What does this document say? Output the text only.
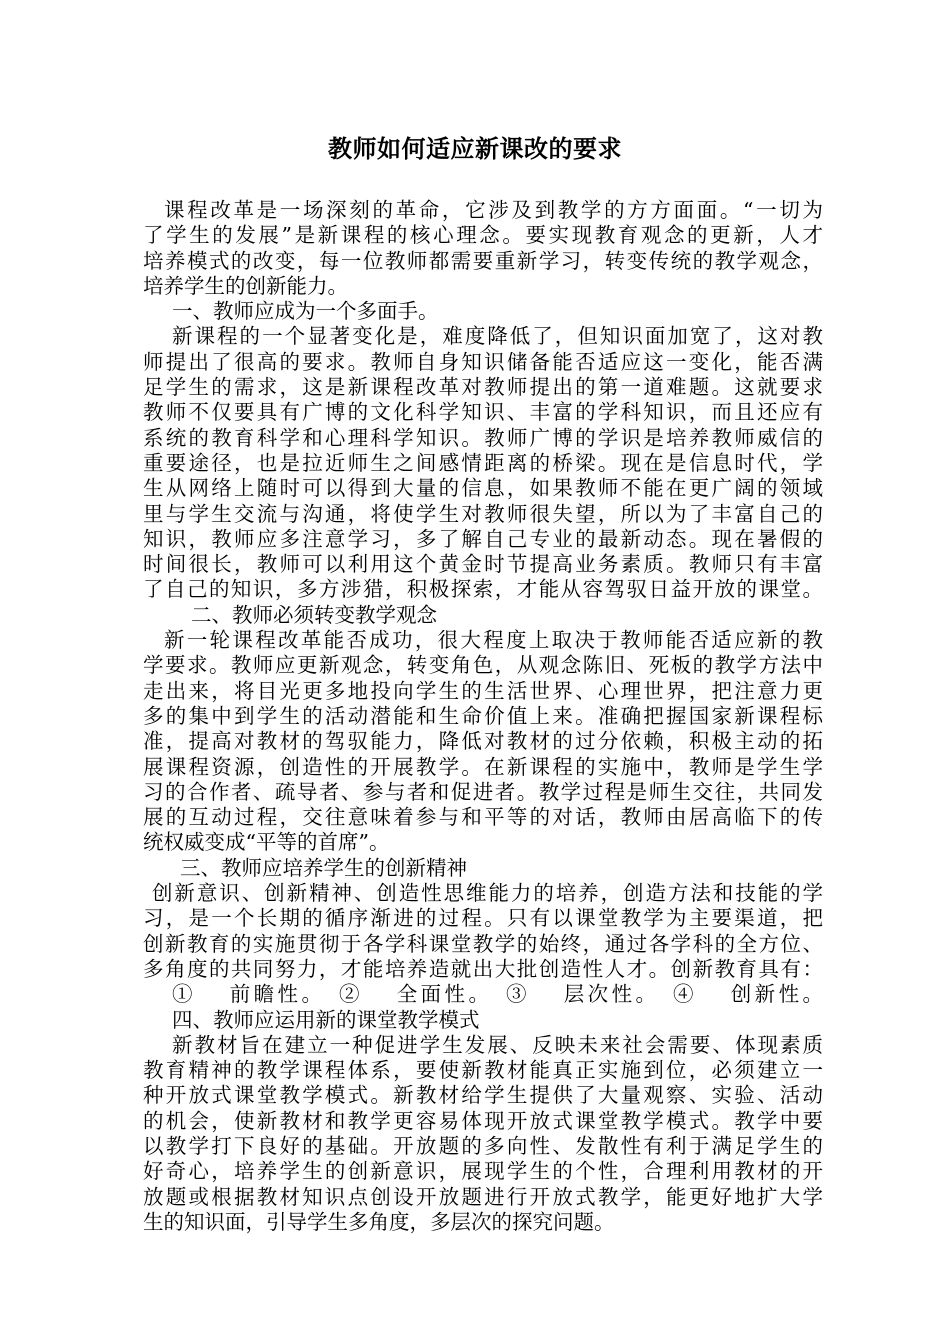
教师如何适应新课改的要求
课程改革是一场深刻的革命，它涉及到教学的方方面面。“一切为
了学生的发展”是新课程的核心理念。要实现教育观念的更新，人才
培养模式的改变，每一位教师都需要重新学习，转变传统的教学观念，
培养学生的创新能力。
一、教师应成为一个多面手。
新课程的一个显著变化是，难度降低了，但知识面加宽了，这对教
师提出了很高的要求。教师自身知识储备能否适应这一变化，能否满
足学生的需求，这是新课程改革对教师提出的第一道难题。这就要求
教师不仅要具有广博的文化科学知识、丰富的学科知识，而且还应有
系统的教育科学和心理科学知识。教师广博的学识是培养教师威信的
重要途径，也是拉近师生之间感情距离的桥梁。现在是信息时代，学
生从网络上随时可以得到大量的信息，如果教师不能在更广阔的领域
里与学生交流与沟通，将使学生对教师很失望，所以为了丰富自己的
知识，教师应多注意学习，多了解自己专业的最新动态。现在暑假的
时间很长，教师可以利用这个黄金时节提高业务素质。教师只有丰富
了自己的知识，多方涉猎，积极探索，才能从容驾驭日益开放的课堂。
二、教师必须转变教学观念
新一轮课程改革能否成功，很大程度上取决于教师能否适应新的教
学要求。教师应更新观念，转变角色，从观念陈旧、死板的教学方法中
走出来，将目光更多地投向学生的生活世界、心理世界，把注意力更
多的集中到学生的活动潜能和生命价值上来。准确把握国家新课程标
准，提高对教材的驾驭能力，降低对教材的过分依赖，积极主动的拓
展课程资源，创造性的开展教学。在新课程的实施中，教师是学生学
习的合作者、疏导者、参与者和促进者。教学过程是师生交往，共同发
展的互动过程，交往意味着参与和平等的对话，教师由居高临下的传
统权威变成“平等的首席”。
三、教师应培养学生的创新精神
创新意识、创新精神、创造性思维能力的培养，创造方法和技能的学
习，是一个长期的循序渐进的过程。只有以课堂教学为主要渠道，把
创新教育的实施贯彻于各学科课堂教学的始终，通过各学科的全方位、
多角度的共同努力，才能培养造就出大批创造性人才。创新教育具有：
①　 前瞻性。　②　 全面性。　③　 层次性。　④　 创新性。
四、教师应运用新的课堂教学模式
新教材旨在建立一种促进学生发展、反映未来社会需要、体现素质
教育精神的教学课程体系，要使新教材能真正实施到位，必须建立一
种开放式课堂教学模式。新教材给学生提供了大量观察、实验、活动
的机会，使新教材和教学更容易体现开放式课堂教学模式。教学中要
以教学打下良好的基础。开放题的多向性、发散性有利于满足学生的
好奇心，培养学生的创新意识，展现学生的个性，合理利用教材的开
放题或根据教材知识点创设开放题进行开放式教学，能更好地扩大学
生的知识面，引导学生多角度，多层次的探究问题。
